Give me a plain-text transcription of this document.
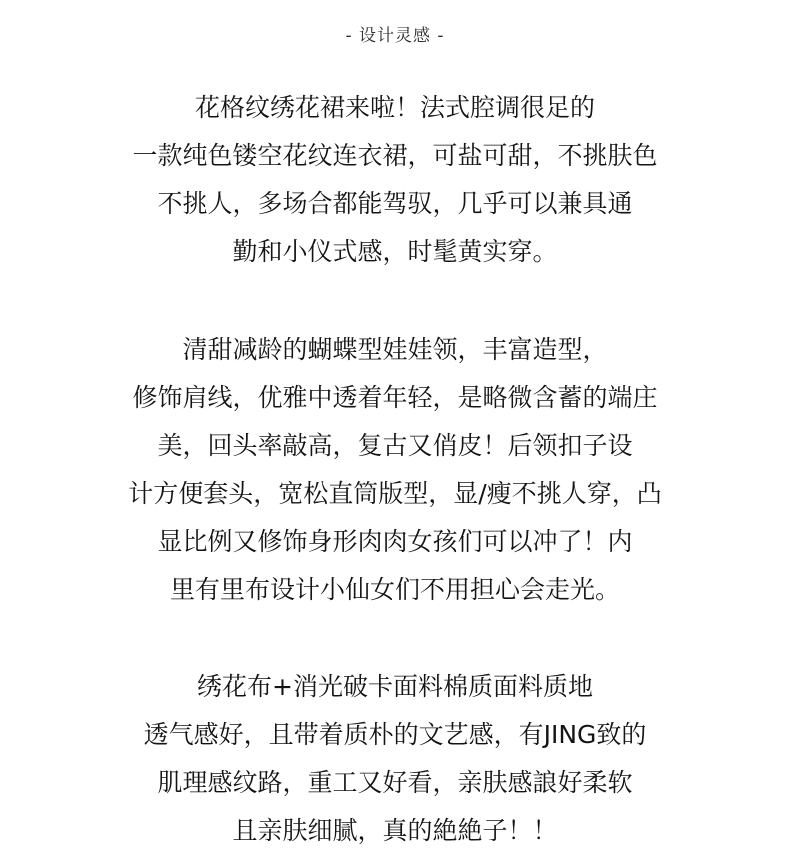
- 设计灵感 -
花格纹绣花裙来啦！法式腔调很足的
一款纯色镂空花纹连衣裙，可盐可甜，不挑肤色
不挑人，多场合都能驾驭，几乎可以兼具通
勤和小仪式感，时髦黄实穿。
清甜减龄的蝴蝶型娃娃领，丰富造型，
修饰肩线，优雅中透着年轻，是略微含蓄的端庄
美，回头率敲高，复古又俏皮！后领扣子设
计方便套头，宽松直筒版型，显/瘦不挑人穿，凸
显比例又修饰身形肉肉女孩们可以冲了！内
里有里布设计小仙女们不用担心会走光。
绣花布+消光破卡面料棉质面料质地
透气感好，且带着质朴的文艺感，有JING致的
肌理感纹路，重工又好看，亲肤感誏好柔软
且亲肤细腻，真的絶絶子！！
